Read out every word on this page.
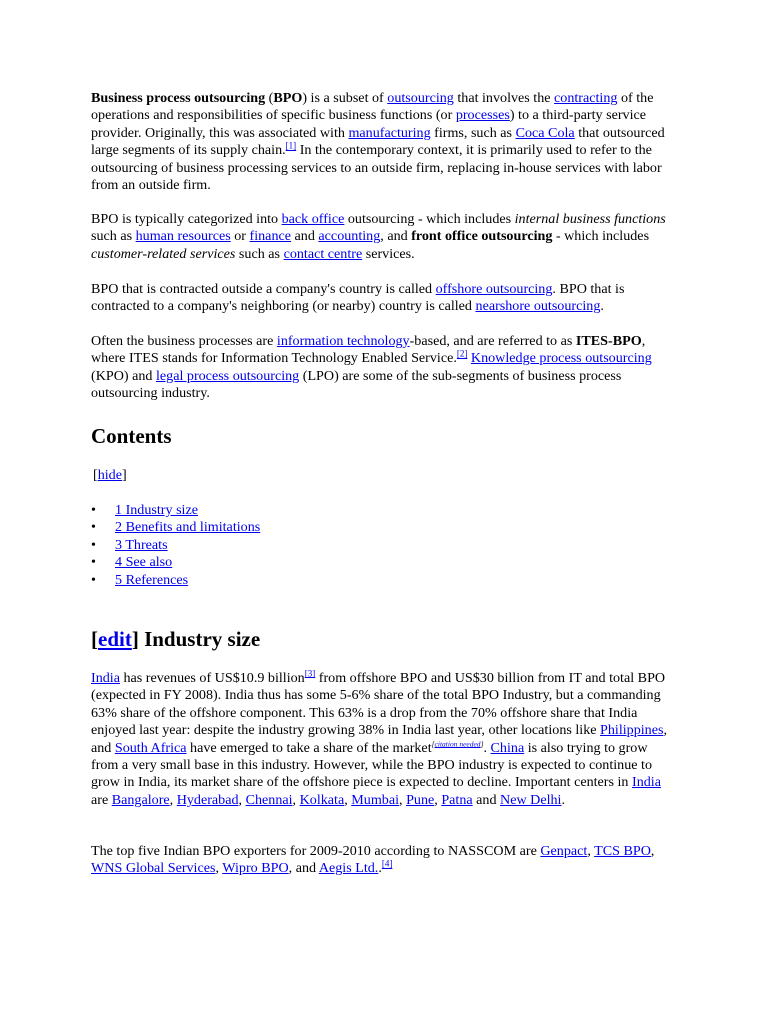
Business process outsourcing (BPO) is a subset of outsourcing that involves the contracting of the operations and responsibilities of specific business functions (or processes) to a third-party service provider. Originally, this was associated with manufacturing firms, such as Coca Cola that outsourced large segments of its supply chain.[1] In the contemporary context, it is primarily used to refer to the outsourcing of business processing services to an outside firm, replacing in-house services with labor from an outside firm.

BPO is typically categorized into back office outsourcing - which includes internal business functions such as human resources or finance and accounting, and front office outsourcing - which includes customer-related services such as contact centre services.

BPO that is contracted outside a company's country is called offshore outsourcing. BPO that is contracted to a company's neighboring (or nearby) country is called nearshore outsourcing.

Often the business processes are information technology-based, and are referred to as ITES-BPO, where ITES stands for Information Technology Enabled Service.[2] Knowledge process outsourcing (KPO) and legal process outsourcing (LPO) are some of the sub-segments of business process outsourcing industry.

Contents
[hide]
• 1 Industry size
• 2 Benefits and limitations
• 3 Threats
• 4 See also
• 5 References
[edit] Industry size

India has revenues of US$10.9 billion[3] from offshore BPO and US$30 billion from IT and total BPO (expected in FY 2008). India thus has some 5-6% share of the total BPO Industry, but a commanding 63% share of the offshore component. This 63% is a drop from the 70% offshore share that India enjoyed last year: despite the industry growing 38% in India last year, other locations like Philippines, and South Africa have emerged to take a share of the market[citation needed]. China is also trying to grow from a very small base in this industry. However, while the BPO industry is expected to continue to grow in India, its market share of the offshore piece is expected to decline. Important centers in India are Bangalore, Hyderabad, Chennai, Kolkata, Mumbai, Pune, Patna and New Delhi.

The top five Indian BPO exporters for 2009-2010 according to NASSCOM are Genpact, TCS BPO, WNS Global Services, Wipro BPO, and Aegis Ltd..[4]
